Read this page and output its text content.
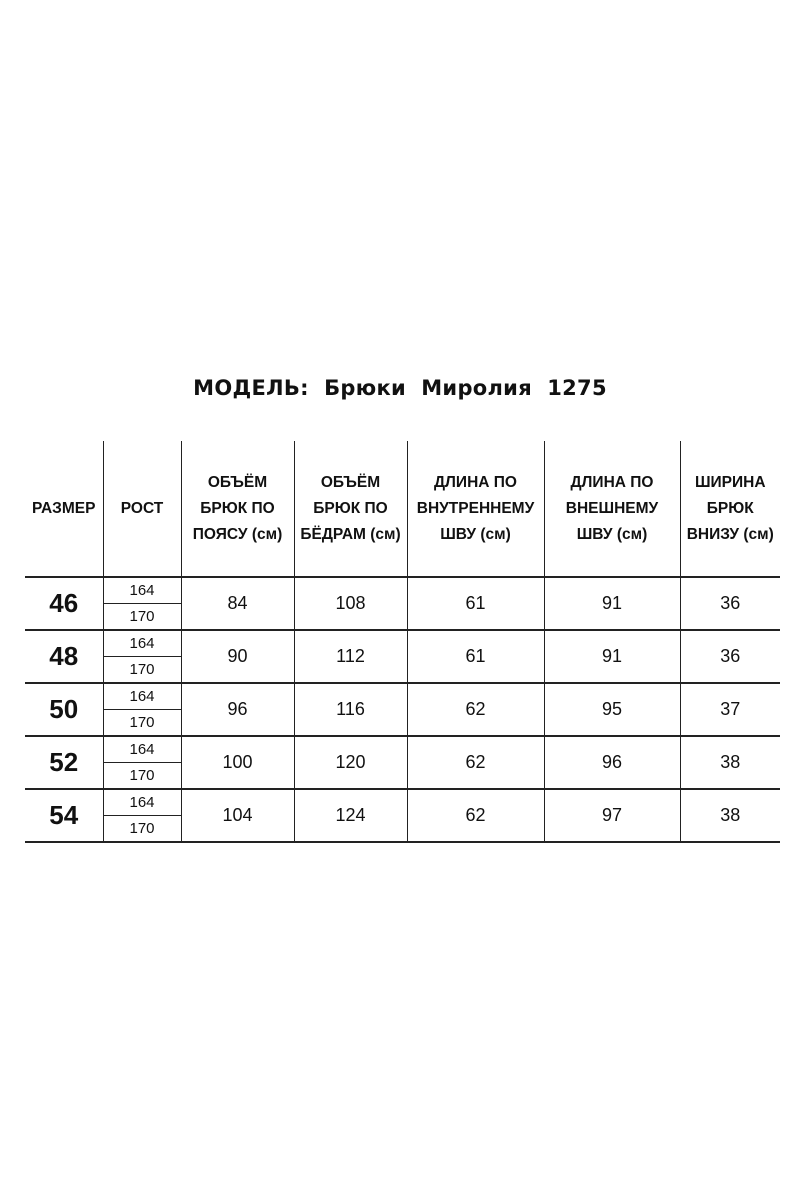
МОДЕЛЬ:  Брюки  Миролия  1275
РАЗМЕР	РОСТ	ОБЪЁМ
БРЮК ПО
ПОЯСУ (см)	ОБЪЁМ
БРЮК ПО
БЁДРАМ (см)	ДЛИНА ПО
ВНУТРЕННЕМУ
ШВУ (см)	ДЛИНА ПО
ВНЕШНЕМУ
ШВУ (см)	ШИРИНА
БРЮК
ВНИЗУ (см)

46	164	84	108	61	91	36
	170					
48	164	90	112	61	91	36
	170					
50	164	96	116	62	95	37
	170					
52	164	100	120	62	96	38
	170					
54	164	104	124	62	97	38
	170					
